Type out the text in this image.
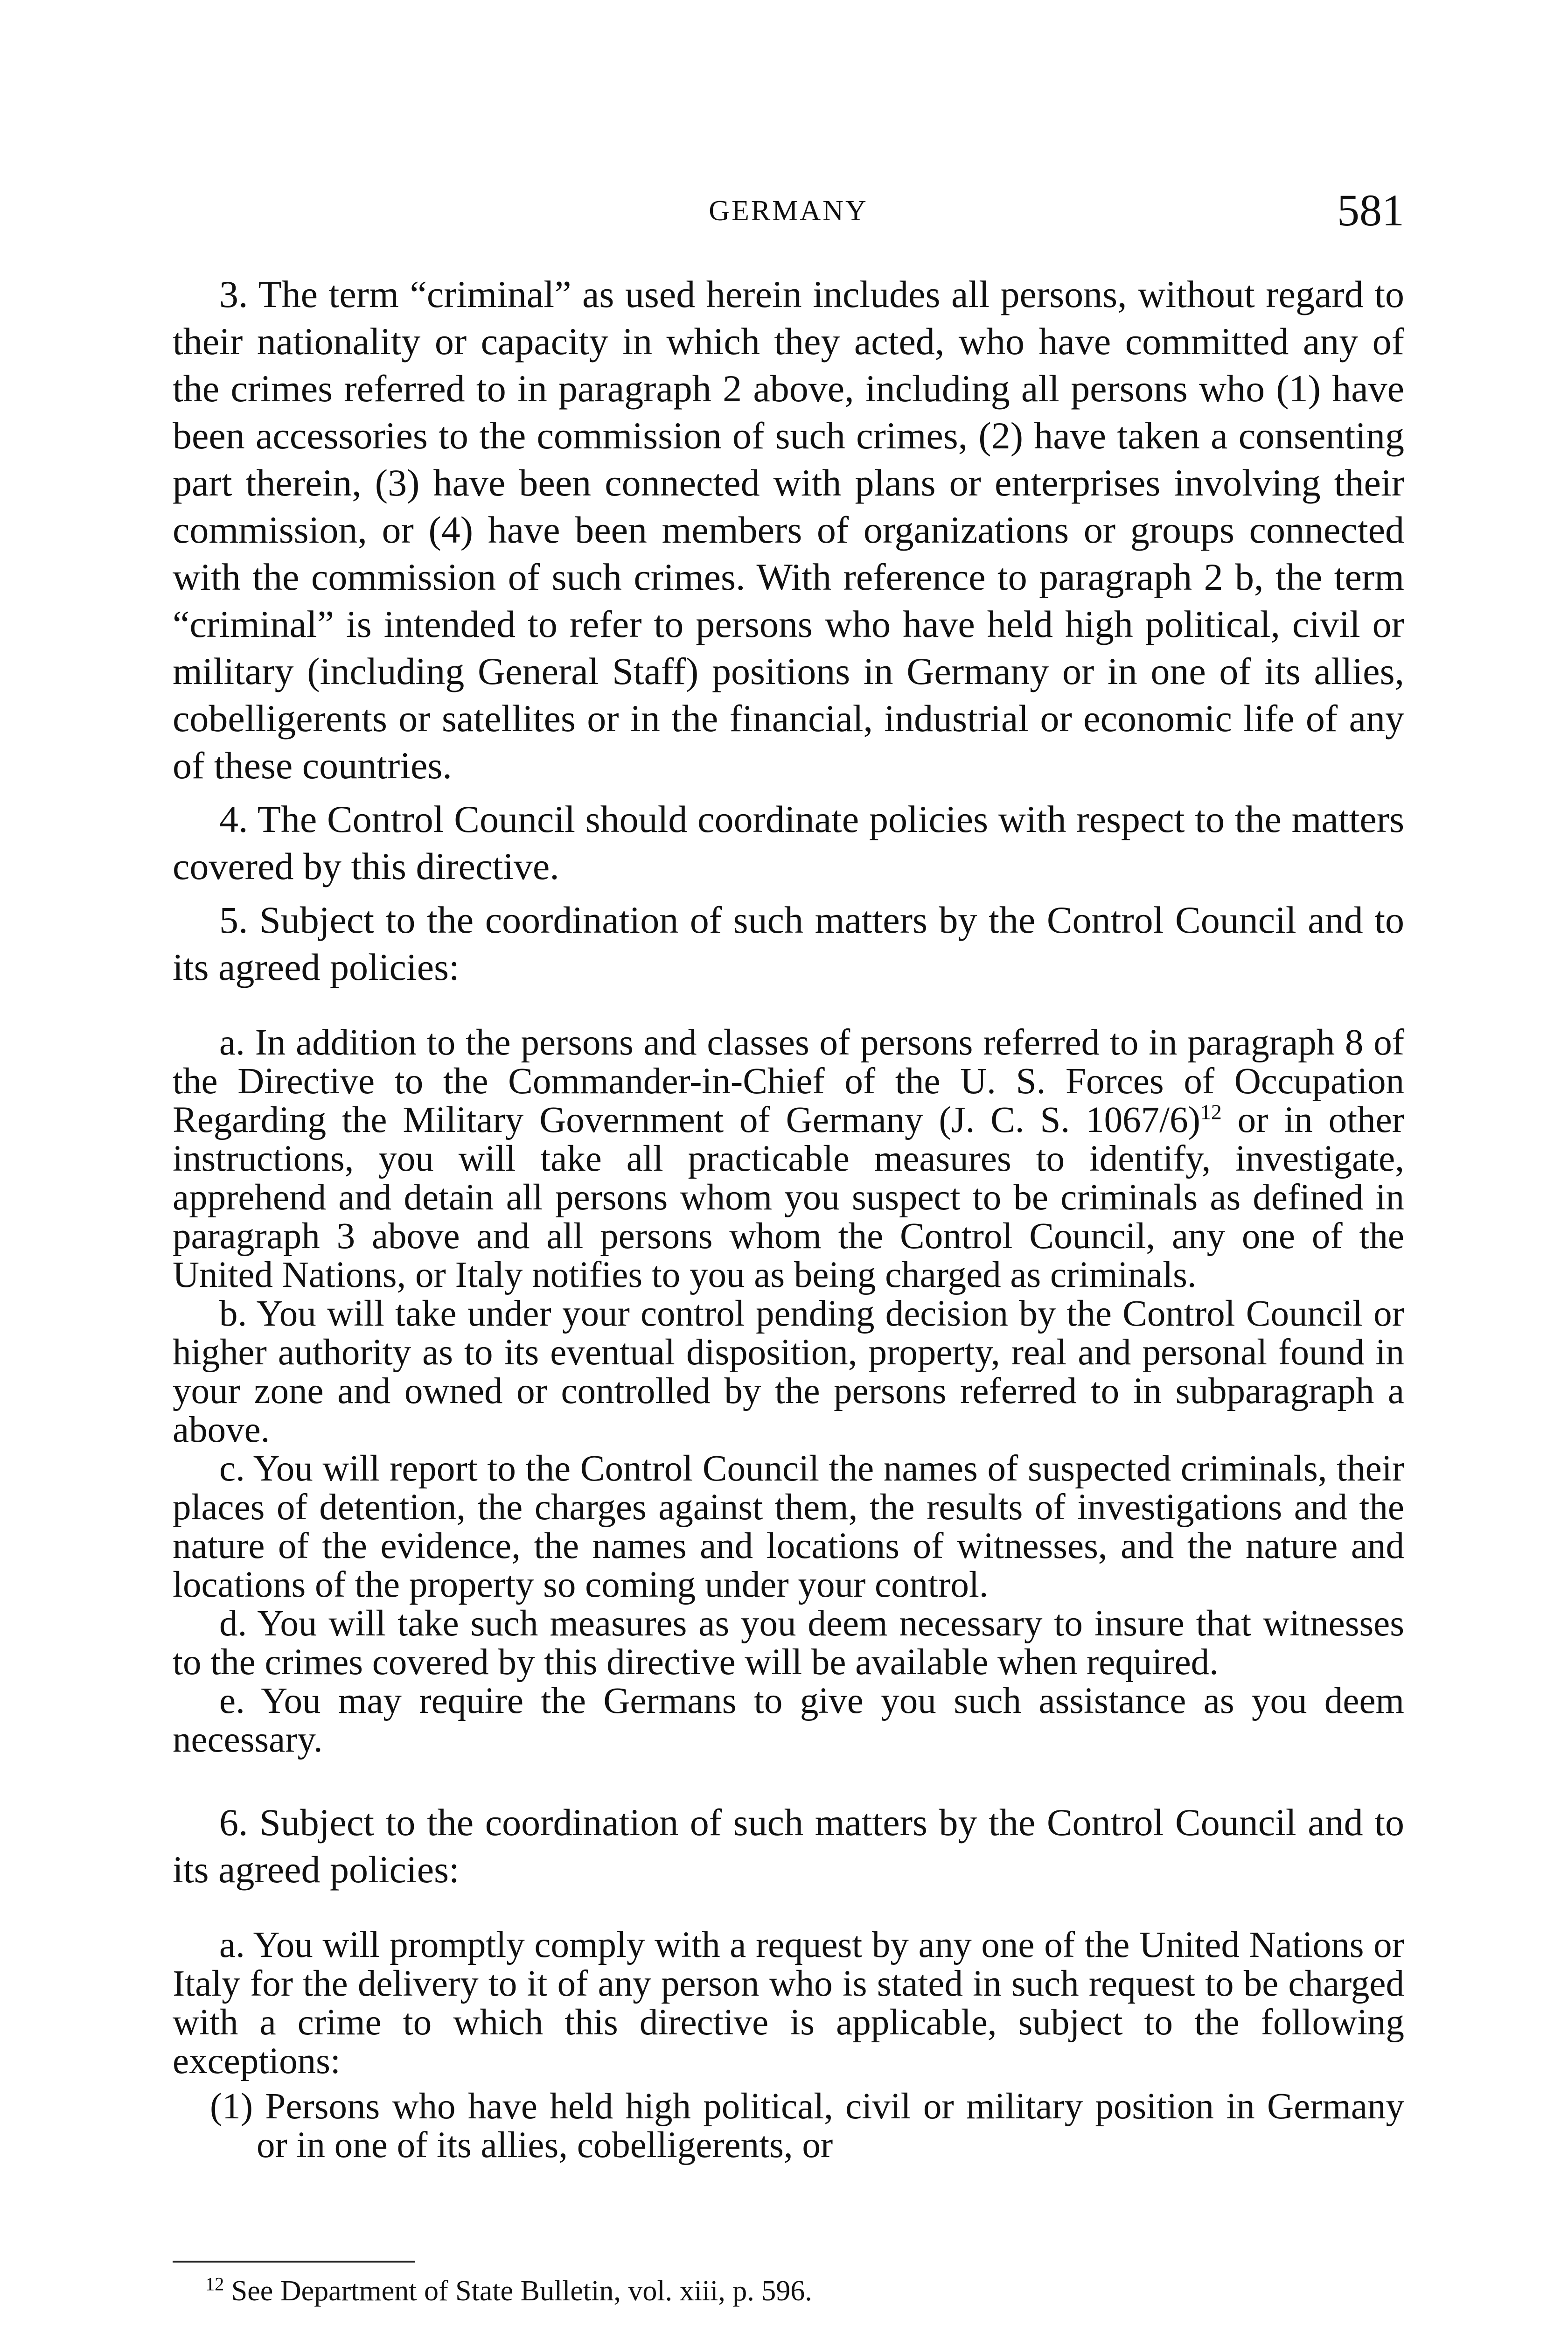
GERMANY	581

3. The term “criminal” as used herein includes all persons, without regard to their nationality or capacity in which they acted, who have committed any of the crimes referred to in paragraph 2 above, including all persons who (1) have been accessories to the commission of such crimes, (2) have taken a consenting part therein, (3) have been connected with plans or enterprises involving their commission, or (4) have been members of organizations or groups connected with the commission of such crimes. With reference to paragraph 2 b, the term “criminal” is intended to refer to persons who have held high political, civil or military (including General Staff) positions in Germany or in one of its allies, cobelligerents or satellites or in the financial, industrial or economic life of any of these countries.

4. The Control Council should coordinate policies with respect to the matters covered by this directive.

5. Subject to the coordination of such matters by the Control Council and to its agreed policies:

a. In addition to the persons and classes of persons referred to in paragraph 8 of the Directive to the Commander-in-Chief of the U. S. Forces of Occupation Regarding the Military Government of Germany (J. C. S. 1067/6)$^{12}$ or in other instructions, you will take all practicable measures to identify, investigate, apprehend and detain all persons whom you suspect to be criminals as defined in paragraph 3 above and all persons whom the Control Council, any one of the United Nations, or Italy notifies to you as being charged as criminals.

b. You will take under your control pending decision by the Control Council or higher authority as to its eventual disposition, property, real and personal found in your zone and owned or controlled by the persons referred to in subparagraph a above.

c. You will report to the Control Council the names of suspected criminals, their places of detention, the charges against them, the results of investigations and the nature of the evidence, the names and locations of witnesses, and the nature and locations of the property so coming under your control.

d. You will take such measures as you deem necessary to insure that witnesses to the crimes covered by this directive will be available when required.

e. You may require the Germans to give you such assistance as you deem necessary.

6. Subject to the coordination of such matters by the Control Council and to its agreed policies:

a. You will promptly comply with a request by any one of the United Nations or Italy for the delivery to it of any person who is stated in such request to be charged with a crime to which this directive is applicable, subject to the following exceptions:

(1) Persons who have held high political, civil or military position in Germany or in one of its allies, cobelligerents, or

$^{12}$ See Department of State Bulletin, vol. xiii, p. 596.
